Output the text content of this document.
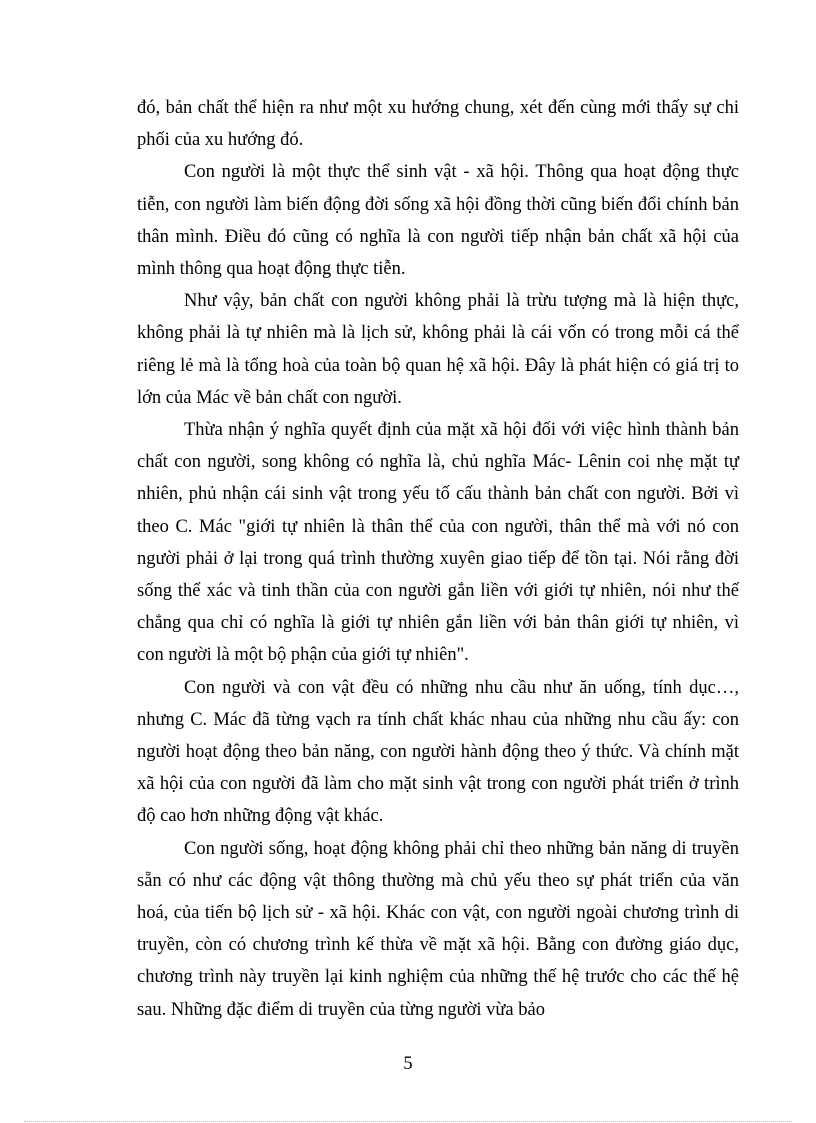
đó, bản chất thể hiện ra như một xu hướng chung, xét đến cùng mới thấy sự chi phối của xu hướng đó.

Con người là một thực thể sinh vật - xã hội. Thông qua hoạt động thực tiễn, con người làm biến động đời sống xã hội đồng thời cũng biến đổi chính bản thân mình. Điều đó cũng có nghĩa là con người tiếp nhận bản chất xã hội của mình thông qua hoạt động thực tiễn.

Như vậy, bản chất con người không phải là trừu tượng mà là hiện thực, không phải là tự nhiên mà là lịch sử, không phải là cái vốn có trong mỗi cá thể riêng lẻ mà là tổng hoà của toàn bộ quan hệ xã hội. Đây là phát hiện có giá trị to lớn của Mác về bản chất con người.

Thừa nhận ý nghĩa quyết định của mặt xã hội đối với việc hình thành bản chất con người, song không có nghĩa là, chủ nghĩa Mác- Lênin coi nhẹ mặt tự nhiên, phủ nhận cái sinh vật trong yếu tố cấu thành bản chất con người. Bởi vì theo C. Mác "giới tự nhiên là thân thể của con người, thân thể mà với nó con người phải ở lại trong quá trình thường xuyên giao tiếp để tồn tại. Nói rằng đời sống thể xác và tinh thần của con người gắn liền với giới tự nhiên, nói như thế chẳng qua chỉ có nghĩa là giới tự nhiên gắn liền với bản thân giới tự nhiên, vì con người là một bộ phận của giới tự nhiên".

Con người và con vật đều có những nhu cầu như ăn uống, tính dục…, nhưng C. Mác đã từng vạch ra tính chất khác nhau của những nhu cầu ấy: con người hoạt động theo bản năng, con người hành động theo ý thức. Và chính mặt xã hội của con người đã làm cho mặt sinh vật trong con người phát triển ở trình độ cao hơn những động vật khác.

Con người sống, hoạt động không phải chỉ theo những bản năng di truyền sẵn có như các động vật thông thường mà chủ yếu theo sự phát triển của văn hoá, của tiến bộ lịch sử - xã hội. Khác con vật, con người ngoài chương trình di truyền, còn có chương trình kế thừa về mặt xã hội. Bằng con đường giáo dục, chương trình này truyền lại kinh nghiệm của những thế hệ trước cho các thế hệ sau. Những đặc điểm di truyền của từng người vừa bảo

5
